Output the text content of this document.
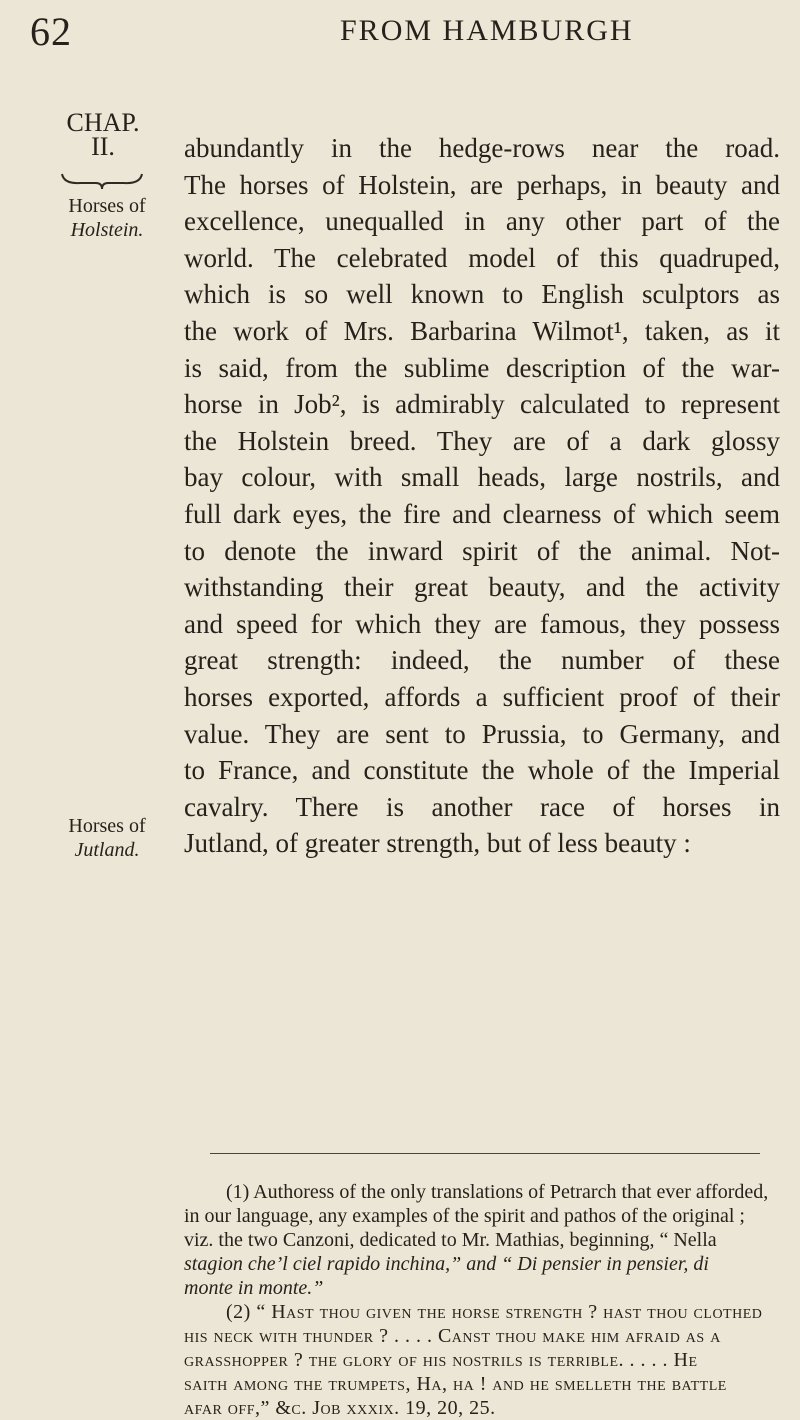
62	FROM HAMBURGH
CHAP.
II.
Horses of
Holstein.
Horses of
Jutland.
abundantly in the hedge-rows near the road.
The horses of Holstein, are perhaps, in beauty and
excellence, unequalled in any other part of the
world. The celebrated model of this quadruped,
which is so well known to English sculptors as
the work of Mrs. Barbarina Wilmot¹, taken, as it
is said, from the sublime description of the war-
horse in Job², is admirably calculated to represent
the Holstein breed. They are of a dark glossy
bay colour, with small heads, large nostrils, and
full dark eyes, the fire and clearness of which seem
to denote the inward spirit of the animal. Not-
withstanding their great beauty, and the activity
and speed for which they are famous, they possess
great strength: indeed, the number of these
horses exported, affords a sufficient proof of their
value. They are sent to Prussia, to Germany, and
to France, and constitute the whole of the Imperial
cavalry. There is another race of horses in
Jutland, of greater strength, but of less beauty :
(1) Authoress of the only translations of Petrarch that ever afforded,
in our language, any examples of the spirit and pathos of the original ;
viz. the two Canzoni, dedicated to Mr. Mathias, beginning, “ Nella
stagion che’l ciel rapido inchina,” and “ Di pensier in pensier, di
monte in monte.”
(2) “ Hast thou given the horse strength ? hast thou clothed
his neck with thunder ? . . . . Canst thou make him afraid as a
grasshopper ? the glory of his nostrils is terrible. . . . . He
saith among the trumpets, Ha, ha ! and he smelleth the battle
afar off,” &c. Job xxxix. 19, 20, 25.
